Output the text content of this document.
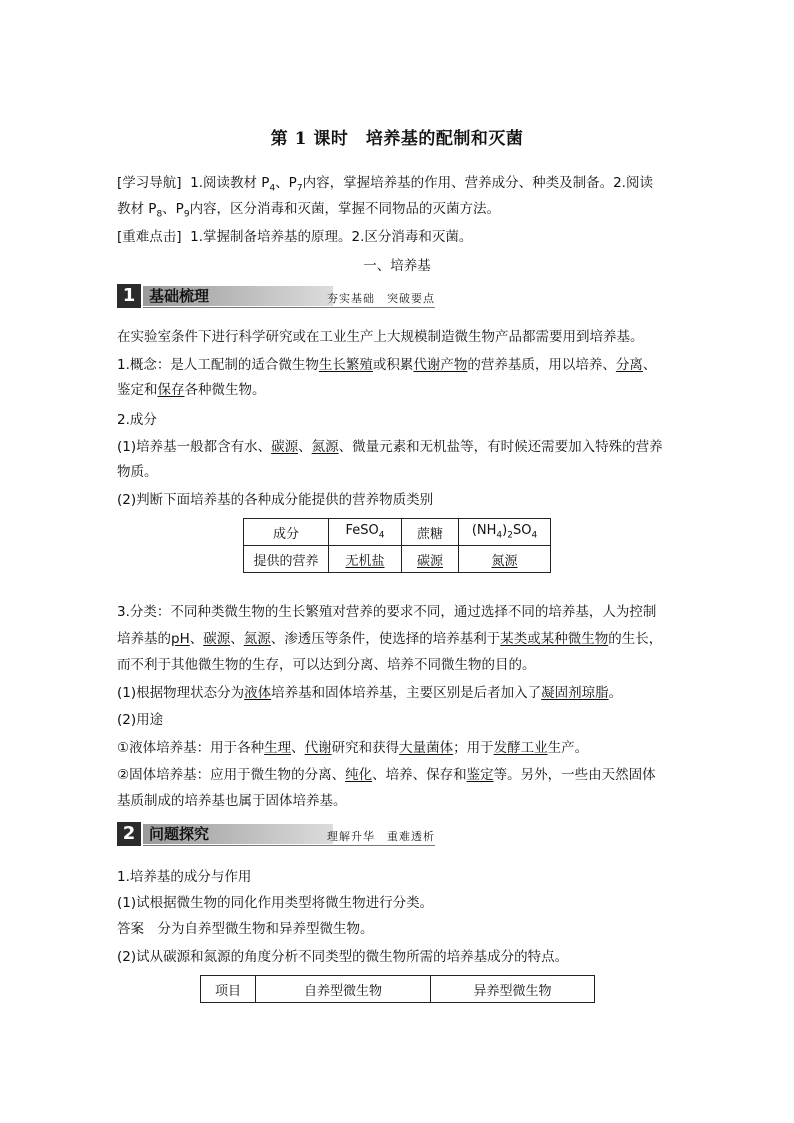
第 1 课时　培养基的配制和灭菌
[学习导航] 1.阅读教材 $P_4$、$P_7$内容，掌握培养基的作用、营养成分、种类及制备。2.阅读
教材 $P_8$、$P_9$内容，区分消毒和灭菌，掌握不同物品的灭菌方法。
[重难点击] 1.掌握制备培养基的原理。2.区分消毒和灭菌。
一、培养基
1 基础梳理	夯实基础　突破要点
在实验室条件下进行科学研究或在工业生产上大规模制造微生物产品都需要用到培养基。
1.概念：是人工配制的适合微生物生长繁殖或积累代谢产物的营养基质，用以培养、分离、
鉴定和保存各种微生物。
2.成分
(1)培养基一般都含有水、碳源、氮源、微量元素和无机盐等，有时候还需要加入特殊的营养
物质。
(2)判断下面培养基的各种成分能提供的营养物质类别
成分	FeSO$_4$	蔗糖	$(NH_4)_2SO_4$
提供的营养	无机盐	碳源	氮源
3.分类：不同种类微生物的生长繁殖对营养的要求不同，通过选择不同的培养基，人为控制
培养基的pH、碳源、氮源、渗透压等条件，使选择的培养基利于某类或某种微生物的生长，
而不利于其他微生物的生存，可以达到分离、培养不同微生物的目的。
(1)根据物理状态分为液体培养基和固体培养基，主要区别是后者加入了凝固剂琼脂。
(2)用途
①液体培养基：用于各种生理、代谢研究和获得大量菌体；用于发酵工业生产。
②固体培养基：应用于微生物的分离、纯化、培养、保存和鉴定等。另外，一些由天然固体
基质制成的培养基也属于固体培养基。
2 问题探究	理解升华　重难透析
1.培养基的成分与作用
(1)试根据微生物的同化作用类型将微生物进行分类。
答案　分为自养型微生物和异养型微生物。
(2)试从碳源和氮源的角度分析不同类型的微生物所需的培养基成分的特点。
项目	自养型微生物	异养型微生物
